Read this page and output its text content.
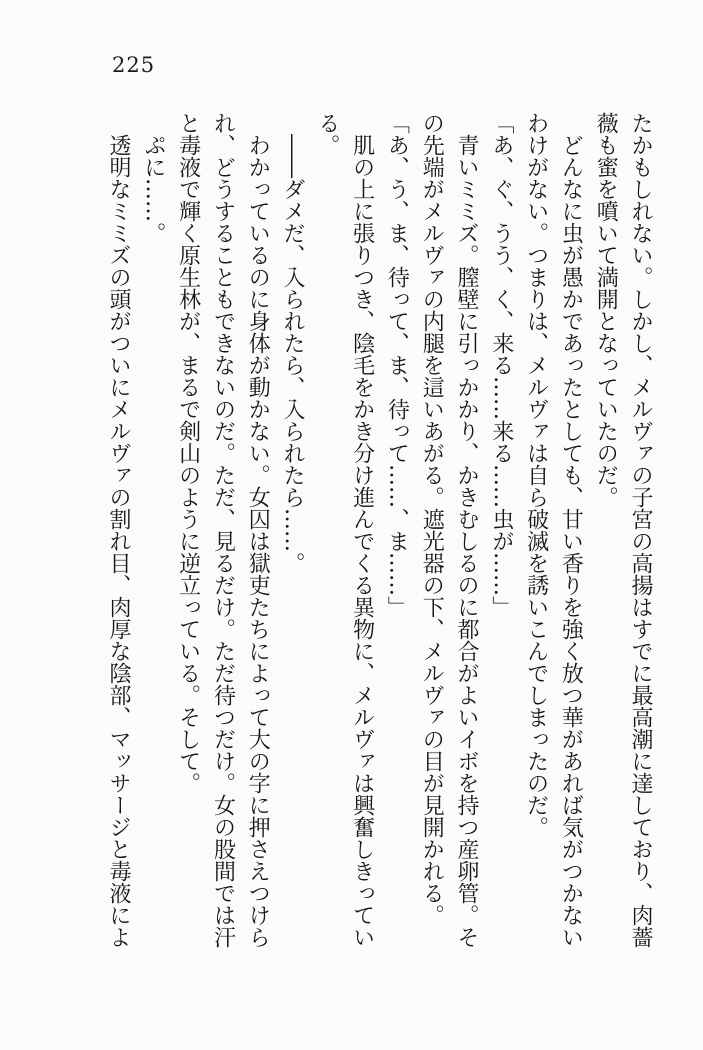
225
たかもしれない。しかし、メルヴァの子宮の高揚はすでに最高潮に達しており、肉薔
薇も蜜を噴いて満開となっていたのだ。
　どんなに虫が愚かであったとしても、甘い香りを強く放つ華があれば気がつかない
わけがない。つまりは、メルヴァは自ら破滅を誘いこんでしまったのだ。
「あ、ぐ、うう、く、来る……来る……虫が……」
　青いミミズ。膣壁に引っかかり、かきむしるのに都合がよいイボを持つ産卵管。そ
の先端がメルヴァの内腿を這いあがる。遮光器の下、メルヴァの目が見開かれる。
「あ、う、ま、待って、ま、待って……、ま……」
　肌の上に張りつき、陰毛をかき分け進んでくる異物に、メルヴァは興奮しきってい
る。
　――ダメだ、入られたら、入られたら……。
　わかっているのに身体が動かない。女囚は獄吏たちによって大の字に押さえつけら
れ、どうすることもできないのだ。ただ、見るだけ。ただ待つだけ。女の股間では汗
と毒液で輝く原生林が、まるで剣山のように逆立っている。そして。
　ぷに……。
　透明なミミズの頭がついにメルヴァの割れ目、肉厚な陰部、マッサージと毒液によ
